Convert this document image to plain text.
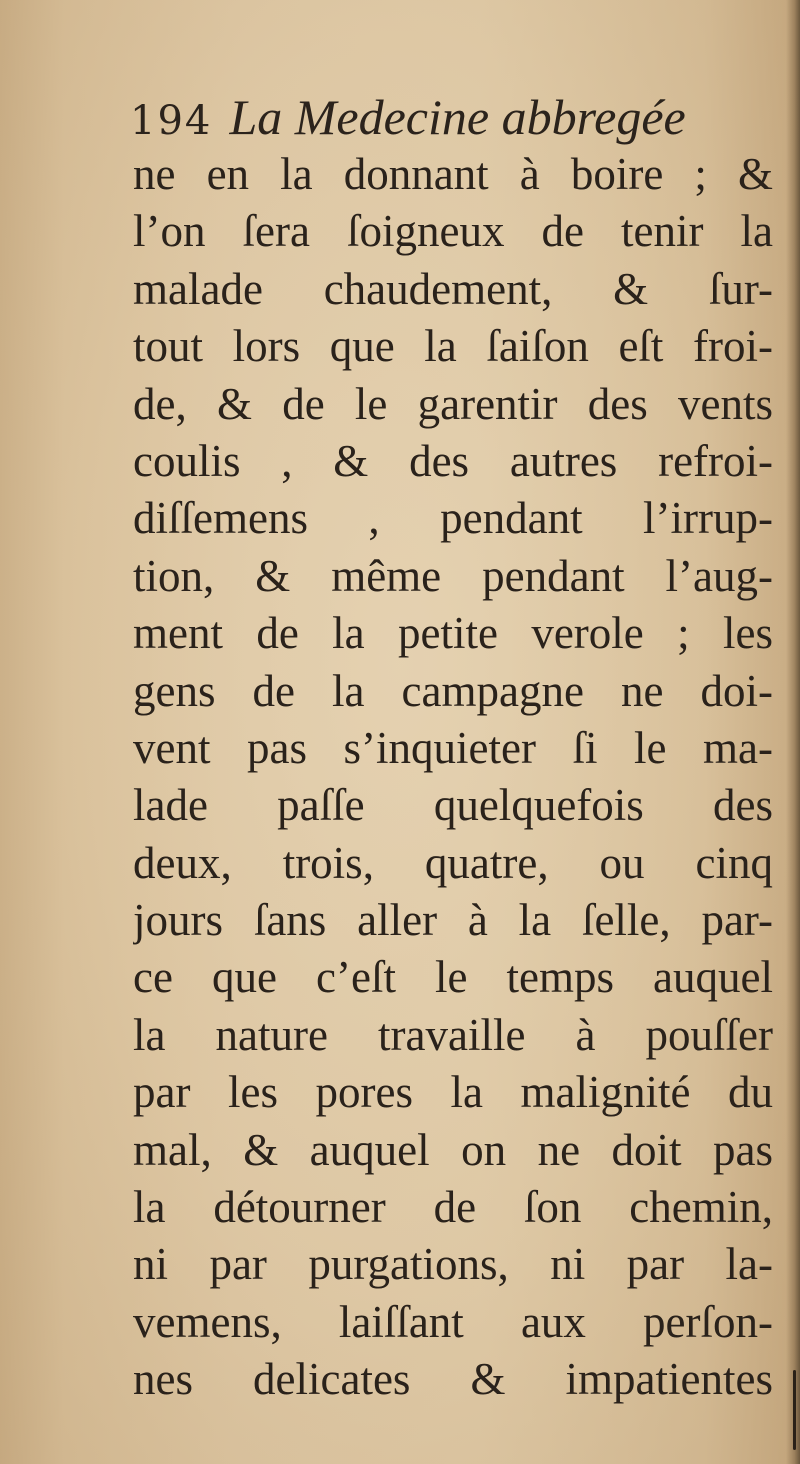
194 La Medecine abbregée
ne en la donnant à boire ; &
l’on ſera ſoigneux de tenir la
malade chaudement, & ſur-
tout lors que la ſaiſon eſt froi-
de, & de le garentir des vents
coulis , & des autres refroi-
diſſemens , pendant l’irrup-
tion, & même pendant l’aug-
ment de la petite verole ; les
gens de la campagne ne doi-
vent pas s’inquieter ſi le ma-
lade paſſe quelquefois des
deux, trois, quatre, ou cinq
jours ſans aller à la ſelle, par-
ce que c’eſt le temps auquel
la nature travaille à pouſſer
par les pores la malignité du
mal, & auquel on ne doit pas
la détourner de ſon chemin,
ni par purgations, ni par la-
vemens, laiſſant aux perſon-
nes delicates & impatientes
